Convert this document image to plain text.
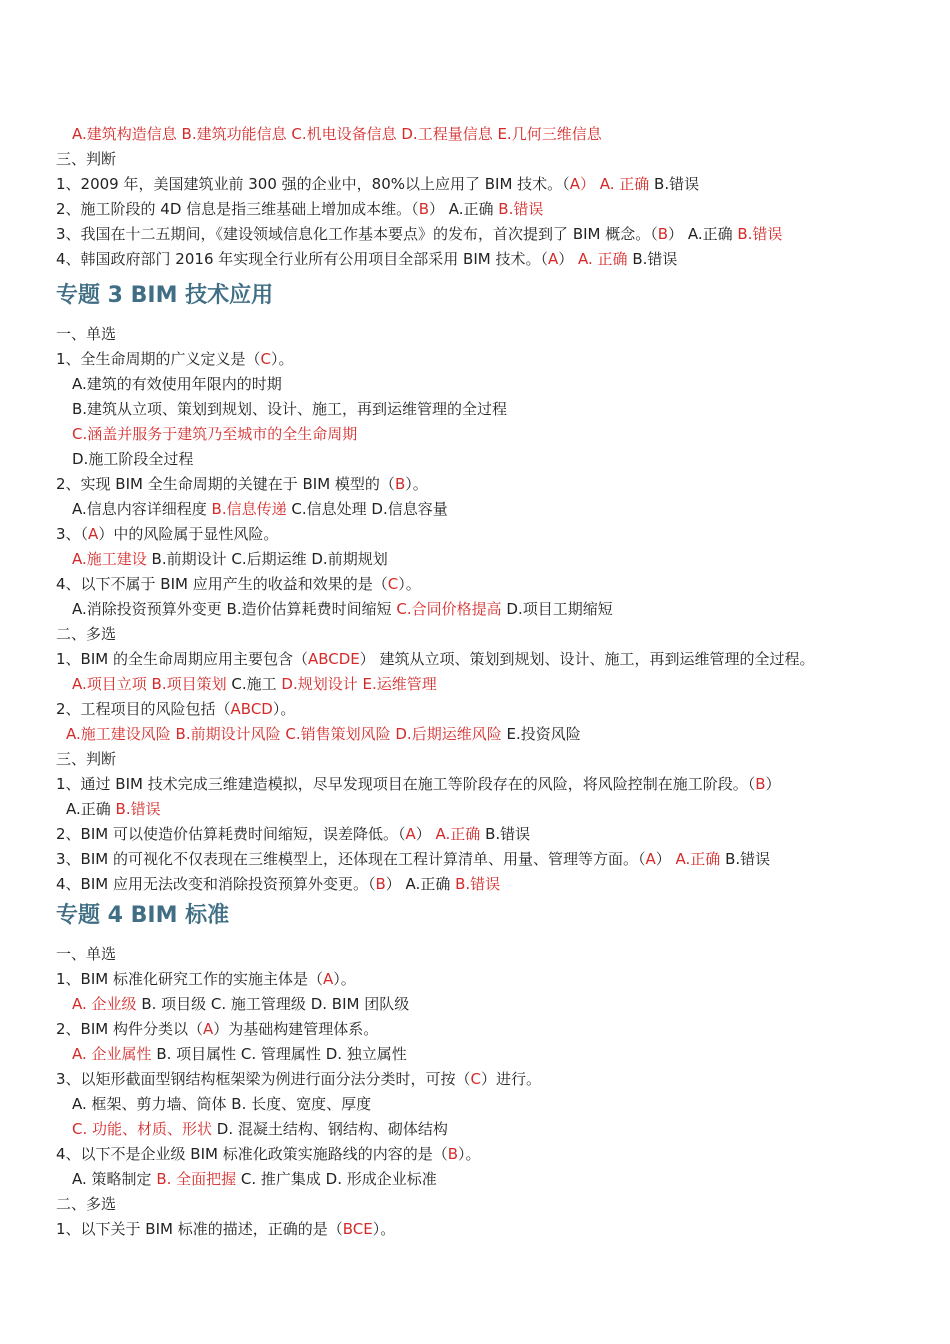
A.建筑构造信息 B.建筑功能信息 C.机电设备信息 D.工程量信息 E.几何三维信息
三、判断
1、2009 年，美国建筑业前 300 强的企业中，80%以上应用了 BIM 技术。（A） A. 正确 B.错误
2、施工阶段的 4D 信息是指三维基础上增加成本维。（B） A.正确 B.错误
3、我国在十二五期间，《建设领域信息化工作基本要点》的发布，首次提到了 BIM 概念。（B） A.正确 B.错误
4、韩国政府部门 2016 年实现全行业所有公用项目全部采用 BIM 技术。（A） A. 正确 B.错误
一、单选
1、全生命周期的广义定义是（C）。
A.建筑的有效使用年限内的时期
B.建筑从立项、策划到规划、设计、施工，再到运维管理的全过程
C.涵盖并服务于建筑乃至城市的全生命周期
D.施工阶段全过程
2、实现 BIM 全生命周期的关键在于 BIM 模型的（B）。
A.信息内容详细程度 B.信息传递 C.信息处理 D.信息容量
3、（A）中的风险属于显性风险。
A.施工建设 B.前期设计 C.后期运维 D.前期规划
4、以下不属于 BIM 应用产生的收益和效果的是（C）。
A.消除投资预算外变更 B.造价估算耗费时间缩短 C.合同价格提高 D.项目工期缩短
二、多选
1、BIM 的全生命周期应用主要包含（ABCDE） 建筑从立项、策划到规划、设计、施工，再到运维管理的全过程。
A.项目立项 B.项目策划 C.施工 D.规划设计 E.运维管理
2、工程项目的风险包括（ABCD）。
A.施工建设风险 B.前期设计风险 C.销售策划风险 D.后期运维风险 E.投资风险
三、判断
1、通过 BIM 技术完成三维建造模拟，尽早发现项目在施工等阶段存在的风险，将风险控制在施工阶段。（B）
A.正确 B.错误
2、BIM 可以使造价估算耗费时间缩短，误差降低。（A） A.正确 B.错误
3、BIM 的可视化不仅表现在三维模型上，还体现在工程计算清单、用量、管理等方面。（A） A.正确 B.错误
4、BIM 应用无法改变和消除投资预算外变更。（B） A.正确 B.错误
一、单选
1、BIM 标准化研究工作的实施主体是（A）。
A. 企业级 B. 项目级 C. 施工管理级 D. BIM 团队级
2、BIM 构件分类以（A）为基础构建管理体系。
A. 企业属性 B. 项目属性 C. 管理属性 D. 独立属性
3、以矩形截面型钢结构框架梁为例进行面分法分类时，可按（C）进行。
A. 框架、剪力墙、筒体 B. 长度、宽度、厚度
C. 功能、材质、形状 D. 混凝土结构、钢结构、砌体结构
4、以下不是企业级 BIM 标准化政策实施路线的内容的是（B）。
A. 策略制定 B. 全面把握 C. 推广集成 D. 形成企业标准
二、多选
1、以下关于 BIM 标准的描述，正确的是（BCE）。
专题 3 BIM 技术应用
专题 4 BIM 标准
